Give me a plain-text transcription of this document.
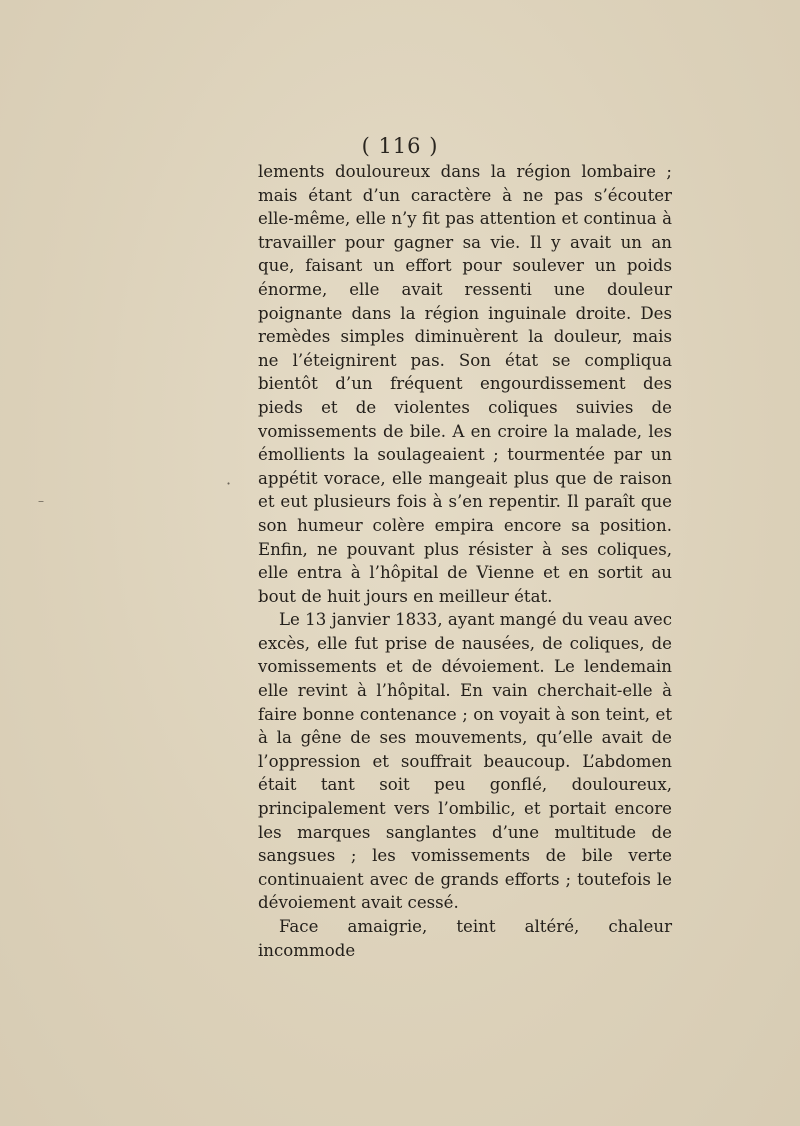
( 116 )

lements douloureux dans la région lombaire ; mais étant d’un caractère à ne pas s’écouter elle-même, elle n’y fit pas attention et continua à travailler pour gagner sa vie. Il y avait un an que, faisant un effort pour soulever un poids énorme, elle avait ressenti une douleur poignante dans la région inguinale droite. Des remèdes simples diminuèrent la douleur, mais ne l’éteignirent pas. Son état se compliqua bientôt d’un fréquent engourdissement des pieds et de violentes coliques suivies de vomissements de bile. A en croire la malade, les émollients la soulageaient ; tourmentée par un appétit vorace, elle mangeait plus que de raison et eut plusieurs fois à s’en repentir. Il paraît que son humeur colère empira encore sa position. Enfin, ne pouvant plus résister à ses coliques, elle entra à l’hôpital de Vienne et en sortit au bout de huit jours en meilleur état.

Le 13 janvier 1833, ayant mangé du veau avec excès, elle fut prise de nausées, de coliques, de vomissements et de dévoiement. Le lendemain elle revint à l’hôpital. En vain cherchait-elle à faire bonne contenance ; on voyait à son teint, et à la gêne de ses mouvements, qu’elle avait de l’oppression et souffrait beaucoup. L’abdomen était tant soit peu gonflé, douloureux, principalement vers l’ombilic, et portait encore les marques sanglantes d’une multitude de sangsues ; les vomissements de bile verte continuaient avec de grands efforts ; toutefois le dévoiement avait cessé.

Face amaigrie, teint altéré, chaleur incommode

·
–
